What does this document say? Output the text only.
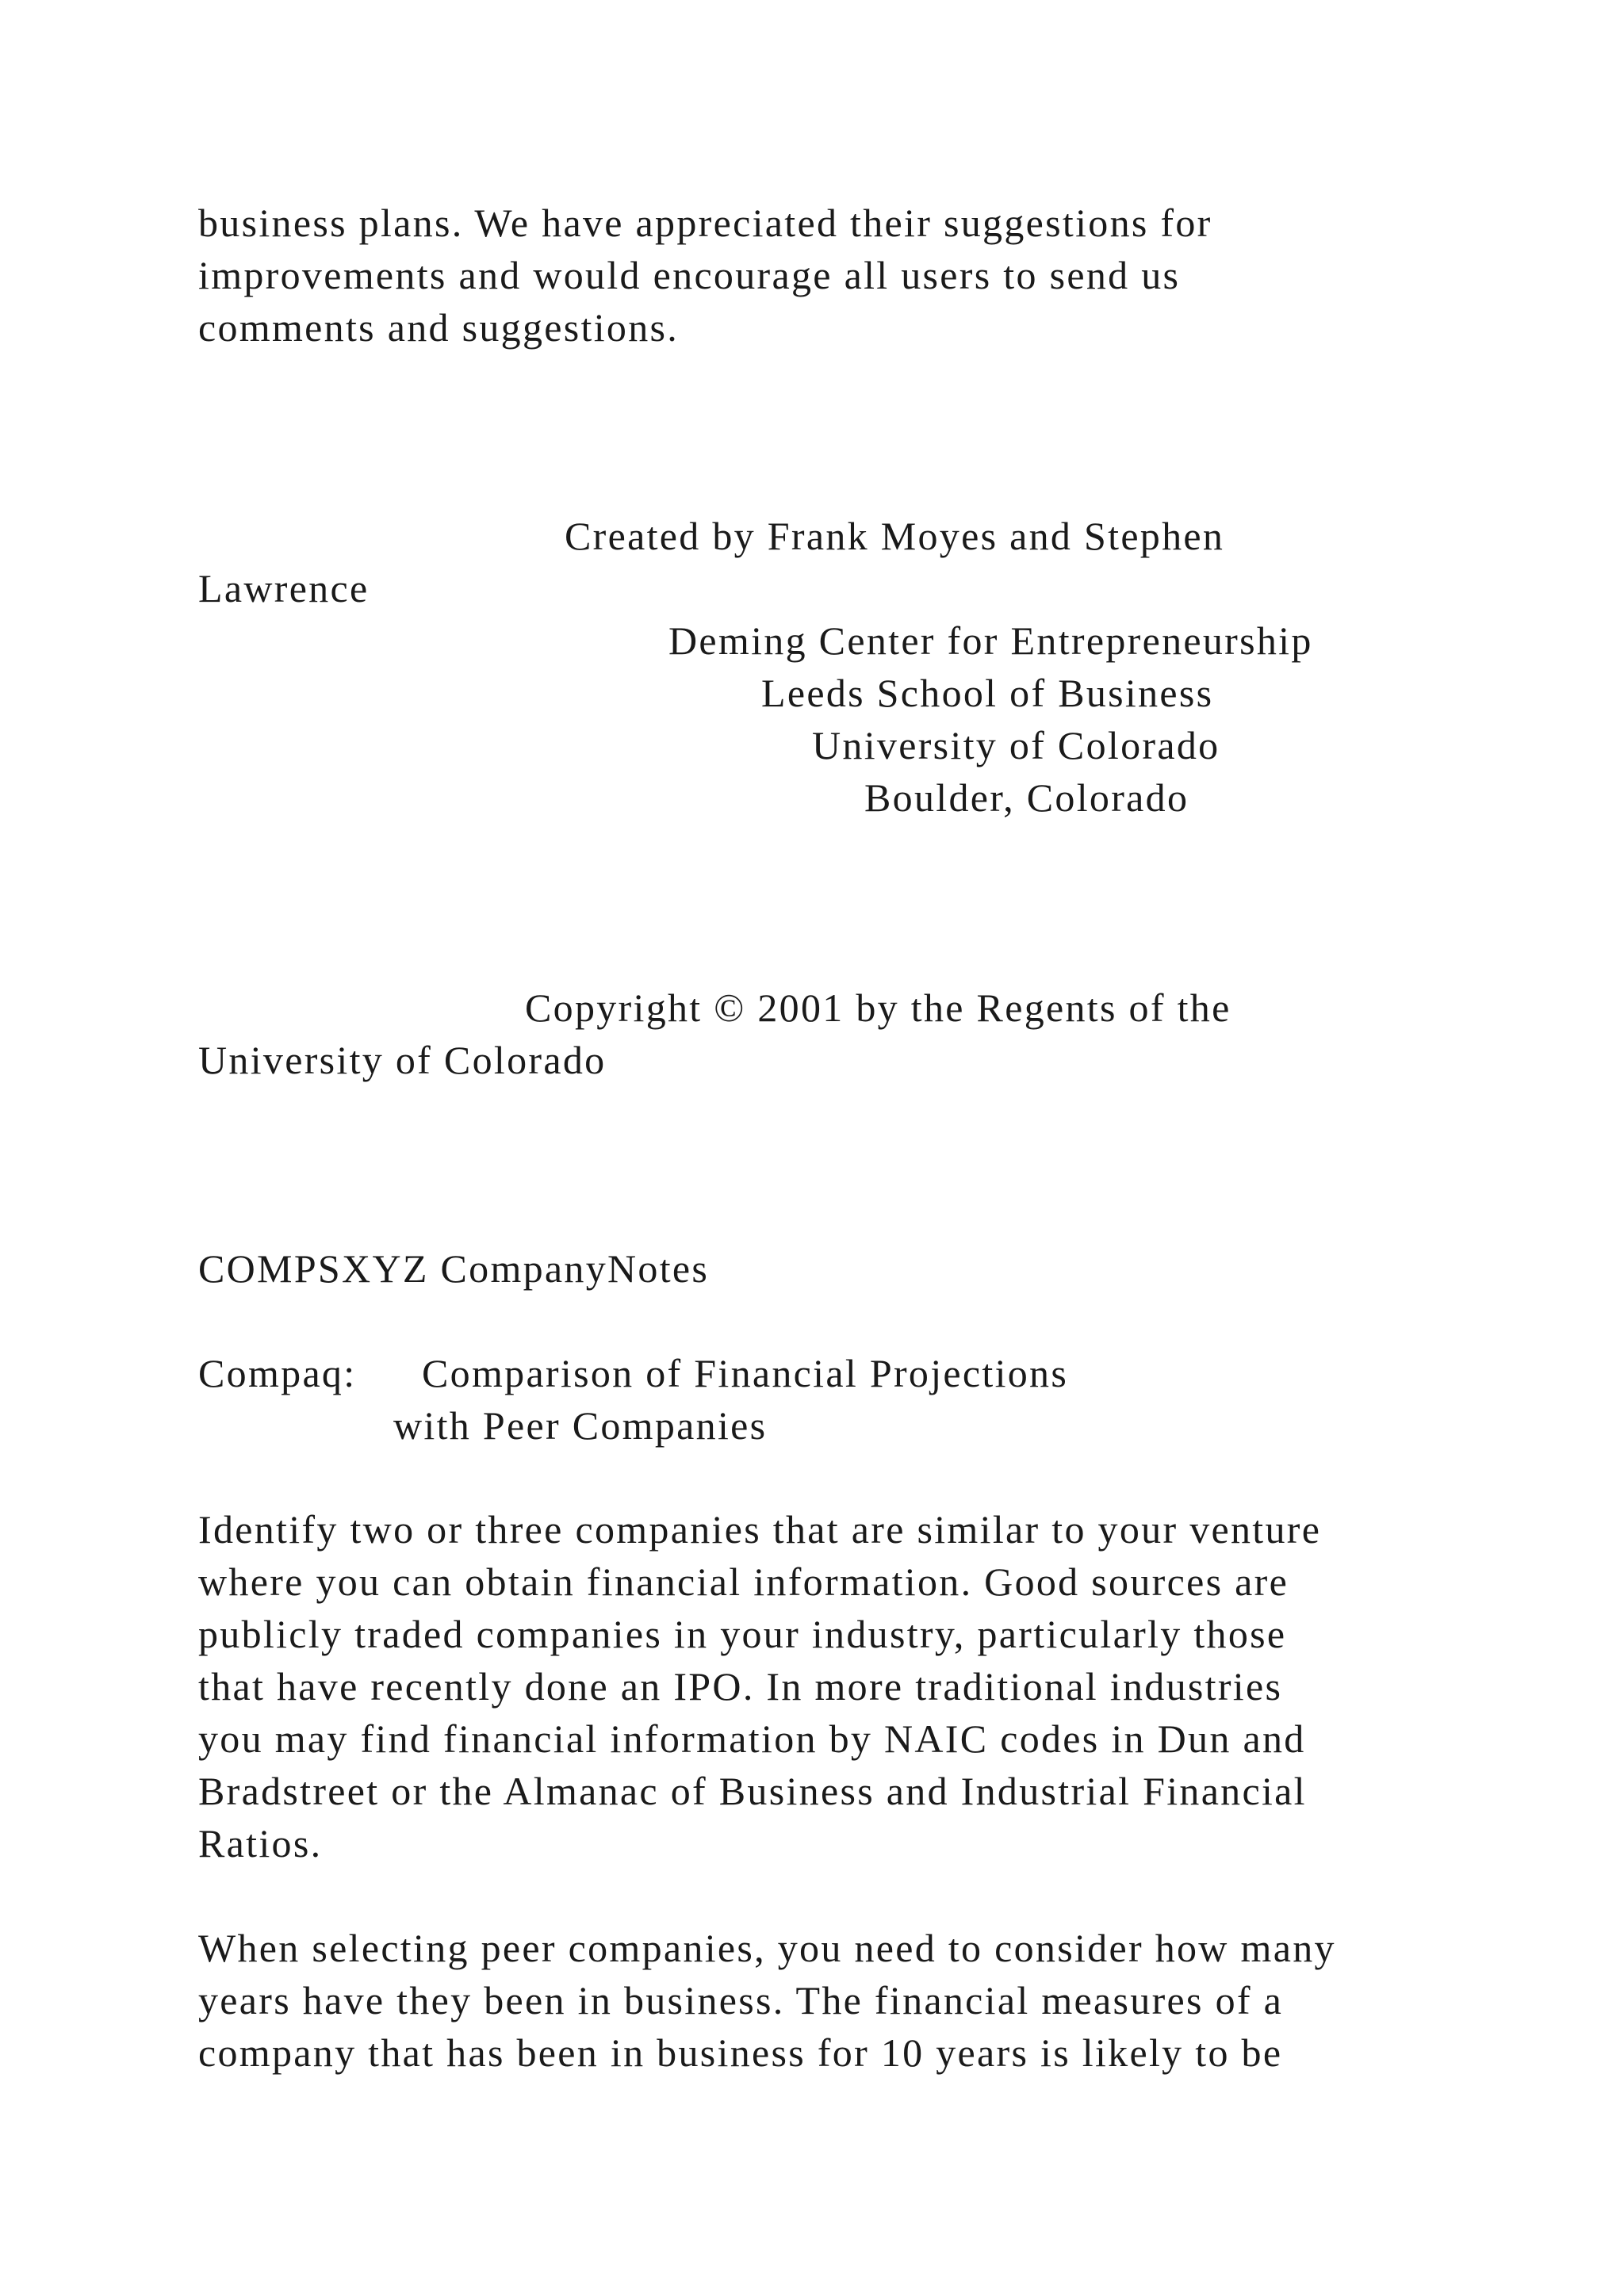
business plans. We have appreciated their suggestions for
improvements and would encourage all users to send us
comments and suggestions.
Created by Frank Moyes and Stephen
Lawrence
Deming Center for Entrepreneurship
Leeds School of Business
University of Colorado
Boulder, Colorado
Copyright © 2001 by the Regents of the
University of Colorado
COMPSXYZ CompanyNotes
Compaq: Comparison of Financial Projections
with Peer Companies
Identify two or three companies that are similar to your venture
where you can obtain financial information. Good sources are
publicly traded companies in your industry, particularly those
that have recently done an IPO. In more traditional industries
you may find financial information by NAIC codes in Dun and
Bradstreet or the Almanac of Business and Industrial Financial
Ratios.
When selecting peer companies, you need to consider how many
years have they been in business. The financial measures of a
company that has been in business for 10 years is likely to be
